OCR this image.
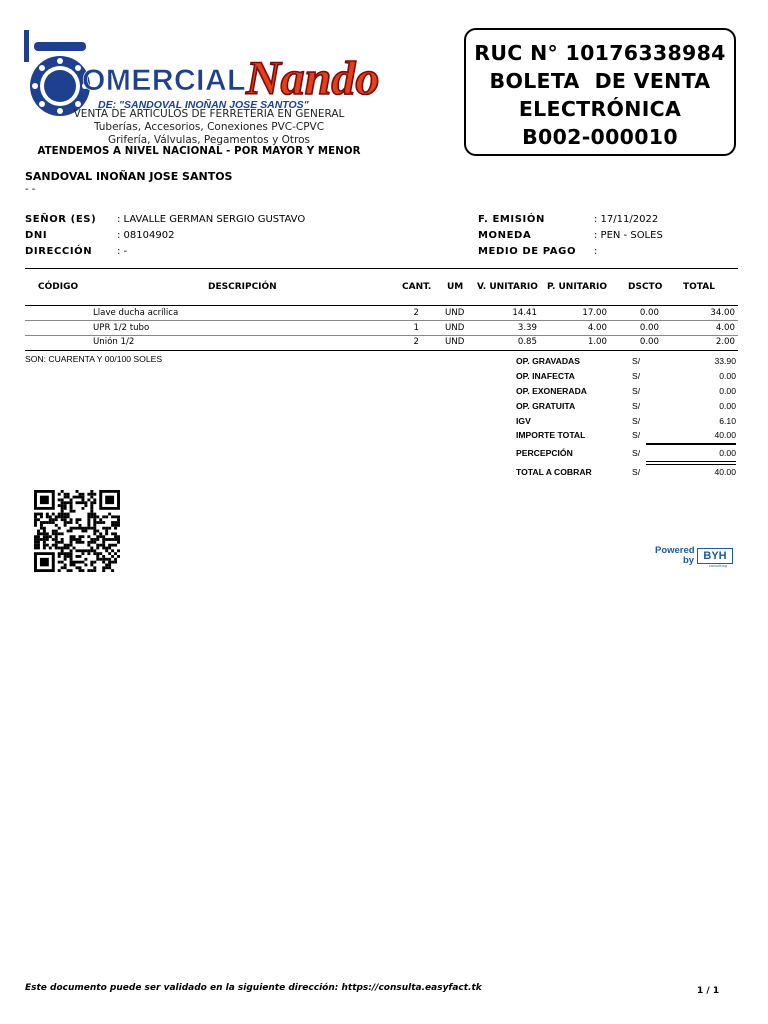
OMERCIAL Nando
DE: "SANDOVAL INOÑAN JOSE SANTOS"
VENTA DE ARTICULOS DE FERRETERIA EN GENERAL
Tuberías, Accesorios, Conexiones PVC-CPVC
Grifería, Válvulas, Pegamentos y Otros
ATENDEMOS A NIVEL NACIONAL - POR MAYOR Y MENOR
RUC N° 10176338984
BOLETA  DE VENTA
ELECTRÓNICA
B002-000010
SANDOVAL INOÑAN JOSE SANTOS
- -
SEÑOR (ES) : LAVALLE GERMAN SERGIO GUSTAVO
DNI	: 08104902
DIRECCIÓN : -
F. EMISIÓN	: 17/11/2022
MONEDA	: PEN - SOLES
MEDIO DE PAGO :
CÓDIGO	DESCRIPCIÓN	CANT. UM V. UNITARIO P. UNITARIO DSCTO TOTAL
Llave ducha acrílica	2	UND	14.41	17.00	0.00	34.00
UPR 1/2 tubo	1	UND	3.39	4.00	0.00	4.00
Unión 1/2	2	UND	0.85	1.00	0.00	2.00
SON: CUARENTA Y 00/100 SOLES	OP. GRAVADAS	S/	33.90
OP. INAFECTA	S/	0.00
OP. EXONERADA	S/	0.00
OP. GRATUITA	S/	0.00
IGV	S/	6.10
IMPORTE TOTAL	S/	40.00
PERCEPCIÓN	S/	0.00
TOTAL A COBRAR	S/	40.00
Powered
by BYH
consulting
Este documento puede ser validado en la siguiente dirección: https://consulta.easyfact.tk	1 / 1
